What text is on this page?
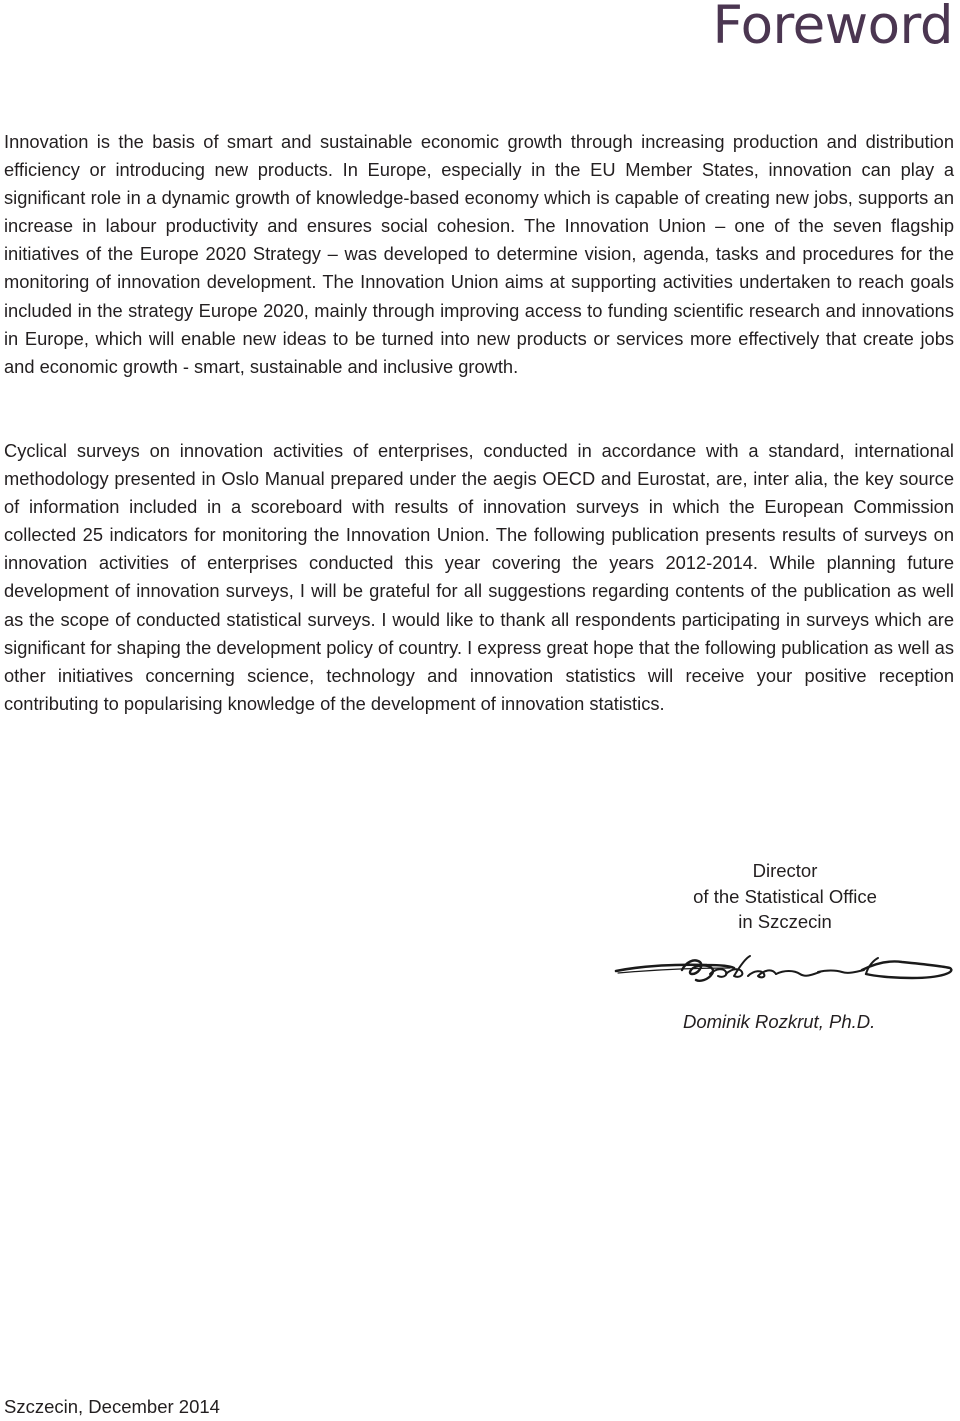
Foreword

Innovation is the basis of smart and sustainable economic growth through increasing production and distribution efficiency or introducing new products. In Europe, especially in the EU Member States, innovation can play a significant role in a dynamic growth of knowledge-based economy which is capable of creating new jobs, supports an increase in labour productivity and ensures social cohesion. The Innovation Union – one of the seven flagship initiatives of the Europe 2020 Strategy – was developed to determine vision, agenda, tasks and procedures for the monitoring of innovation development. The Innovation Union aims at supporting activities undertaken to reach goals included in the strategy Europe 2020, mainly through improving access to funding scientific research and innovations in Europe, which will enable new ideas to be turned into new products or services more effectively that create jobs and economic growth - smart, sustainable and inclusive growth.

Cyclical surveys on innovation activities of enterprises, conducted in accordance with a standard, international methodology presented in Oslo Manual prepared under the aegis OECD and Eurostat, are, inter alia, the key source of information included in a scoreboard with results of innovation surveys in which the European Commission collected 25 indicators for monitoring the Innovation Union. The following publication presents results of surveys on innovation activities of enterprises conducted this year covering the years 2012-2014. While planning future development of innovation surveys, I will be grateful for all suggestions regarding contents of the publication as well as the scope of conducted statistical surveys. I would like to thank all respondents participating in surveys which are significant for shaping the development policy of country. I express great hope that the following publication as well as other initiatives concerning science, technology and innovation statistics will receive your positive reception contributing to popularising knowledge of the development of innovation statistics.

Director
of the Statistical Office
in Szczecin
Dominik Rozkrut, Ph.D.
Szczecin, December 2014
